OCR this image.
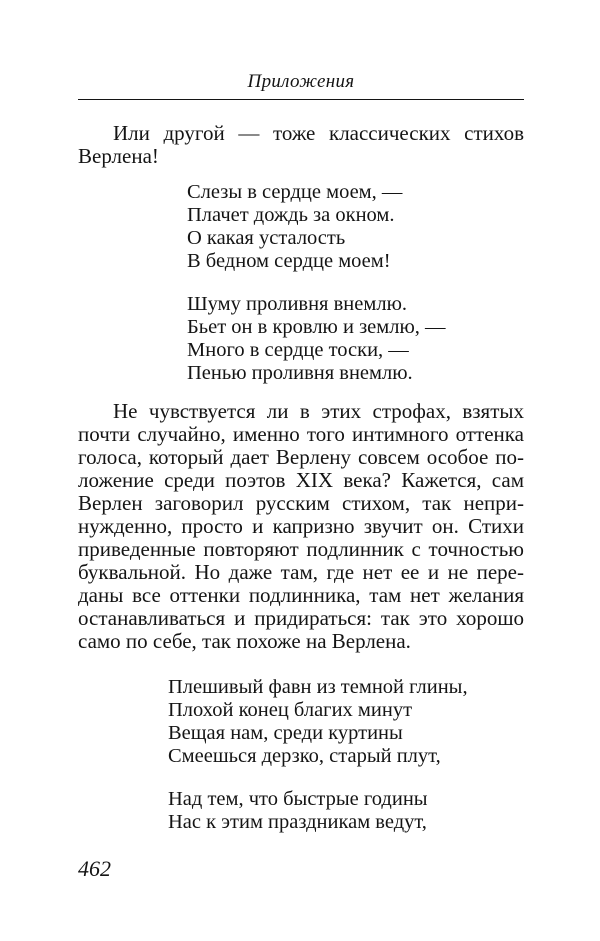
Приложения
Или другой — тоже классических стихов
Верлена!
Слезы в сердце моем, —
Плачет дождь за окном.
О какая усталость
В бедном сердце моем!
Шуму проливня внемлю.
Бьет он в кровлю и землю, —
Много в сердце тоски, —
Пенью проливня внемлю.
Не чувствуется ли в этих строфах, взятых
почти случайно, именно того интимного оттенка
голоса, который дает Верлену совсем особое по-
ложение среди поэтов XIX века? Кажется, сам
Верлен заговорил русским стихом, так непри-
нужденно, просто и капризно звучит он. Стихи
приведенные повторяют подлинник с точностью
буквальной. Но даже там, где нет ее и не пере-
даны все оттенки подлинника, там нет желания
останавливаться и придираться: так это хорошо
само по себе, так похоже на Верлена.
Плешивый фавн из темной глины,
Плохой конец благих минут
Вещая нам, среди куртины
Смеешься дерзко, старый плут,
Над тем, что быстрые годины
Нас к этим праздникам ведут,
462
